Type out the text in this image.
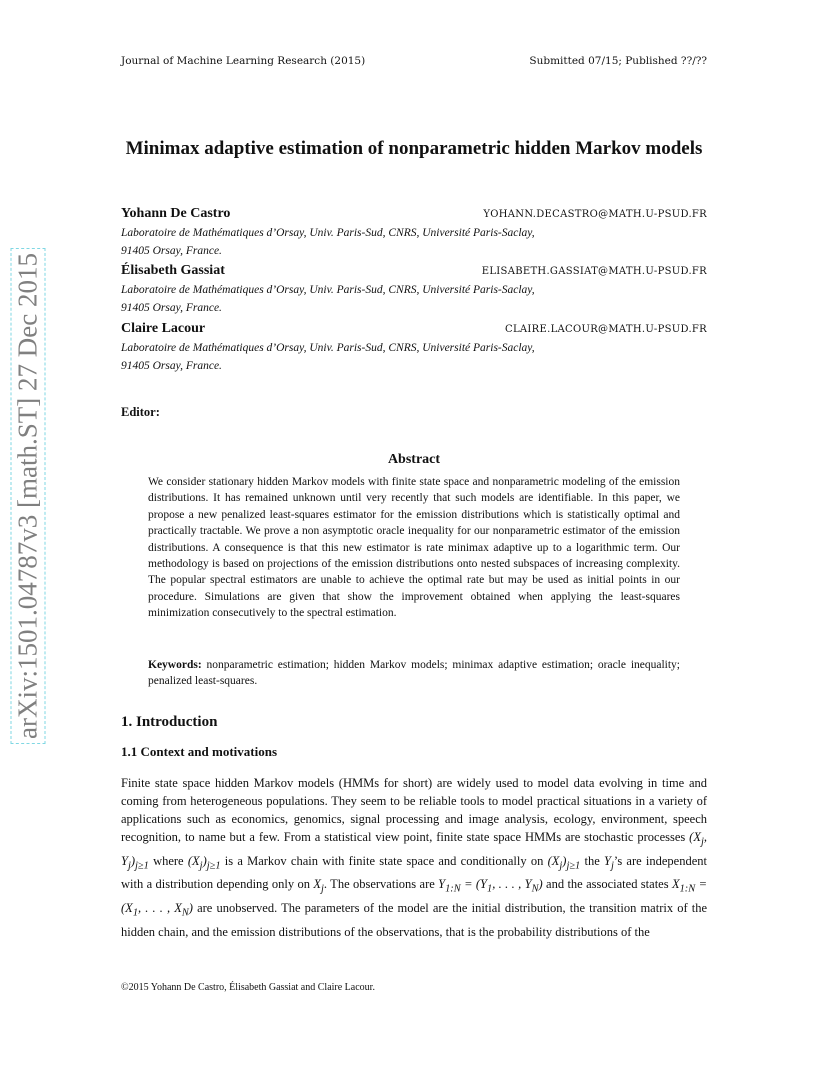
Journal of Machine Learning Research (2015)	Submitted 07/15; Published ??/??
arXiv:1501.04787v3 [math.ST] 27 Dec 2015
Minimax adaptive estimation of nonparametric hidden Markov models
Yohann De Castro	YOHANN.DECASTRO@MATH.U-PSUD.FR
Laboratoire de Mathématiques d’Orsay, Univ. Paris-Sud, CNRS, Université Paris-Saclay,
91405 Orsay, France.
Élisabeth Gassiat	ELISABETH.GASSIAT@MATH.U-PSUD.FR
Laboratoire de Mathématiques d’Orsay, Univ. Paris-Sud, CNRS, Université Paris-Saclay,
91405 Orsay, France.
Claire Lacour	CLAIRE.LACOUR@MATH.U-PSUD.FR
Laboratoire de Mathématiques d’Orsay, Univ. Paris-Sud, CNRS, Université Paris-Saclay,
91405 Orsay, France.
Editor:
Abstract
We consider stationary hidden Markov models with finite state space and nonparametric modeling of the emission distributions. It has remained unknown until very recently that such models are identifiable. In this paper, we propose a new penalized least-squares estimator for the emission distributions which is statistically optimal and practically tractable. We prove a non asymptotic oracle inequality for our nonparametric estimator of the emission distributions. A consequence is that this new estimator is rate minimax adaptive up to a logarithmic term. Our methodology is based on projections of the emission distributions onto nested subspaces of increasing complexity. The popular spectral estimators are unable to achieve the optimal rate but may be used as initial points in our procedure. Simulations are given that show the improvement obtained when applying the least-squares minimization consecutively to the spectral estimation.
Keywords: nonparametric estimation; hidden Markov models; minimax adaptive estimation; oracle inequality; penalized least-squares.
1. Introduction
1.1 Context and motivations
Finite state space hidden Markov models (HMMs for short) are widely used to model data evolving in time and coming from heterogeneous populations. They seem to be reliable tools to model practical situations in a variety of applications such as economics, genomics, signal processing and image analysis, ecology, environment, speech recognition, to name but a few. From a statistical view point, finite state space HMMs are stochastic processes ($X_j$, $Y_j)_{j\ge 1}$ where $(X_j)_{j\ge 1}$ is a Markov chain with finite state space and conditionally on $(X_j)_{j\ge 1}$ the $Y_j’s$ are independent with a distribution depending only on $X_j$. The observations are $Y_{1:N} = (Y_1$, . . . , $Y_N$) and the associated states $X_{1:N} = (X_1$, . . . , $X_N$) are unobserved. The parameters of the model are the initial distribution, the transition matrix of the hidden chain, and the emission distributions of the observations, that is the probability distributions of the
©2015 Yohann De Castro, Élisabeth Gassiat and Claire Lacour.
